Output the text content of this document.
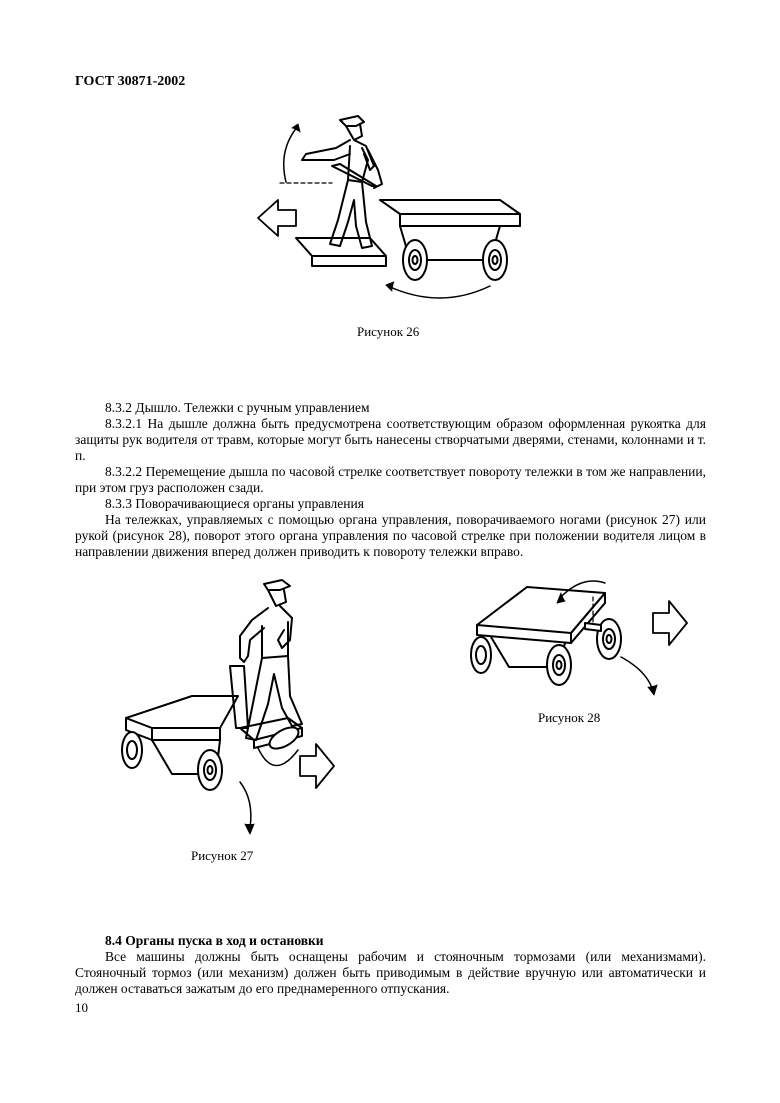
ГОСТ 30871-2002
Рисунок 26

8.3.2 Дышло. Тележки с ручным управлением

8.3.2.1 На дышле должна быть предусмотрена соответствующим образом оформленная рукоятка для защиты рук водителя от травм, которые могут быть нанесены створчатыми дверями, стенами, колоннами и т. п.

8.3.2.2 Перемещение дышла по часовой стрелке соответствует повороту тележки в том же направлении, при этом груз расположен сзади.

8.3.3 Поворачивающиеся органы управления

На тележках, управляемых с помощью органа управления, поворачиваемого ногами (рисунок 27) или рукой (рисунок 28), поворот этого органа управления по часовой стрелке при положении водителя лицом в направлении движения вперед должен приводить к повороту тележки вправо.

Рисунок 27
Рисунок 28

8.4 Органы пуска в ход и остановки

Все машины должны быть оснащены рабочим и стояночным тормозами (или механизмами). Стояночный тормоз (или механизм) должен быть приводимым в действие вручную или автоматически и должен оставаться зажатым до его преднамеренного отпускания.

10
